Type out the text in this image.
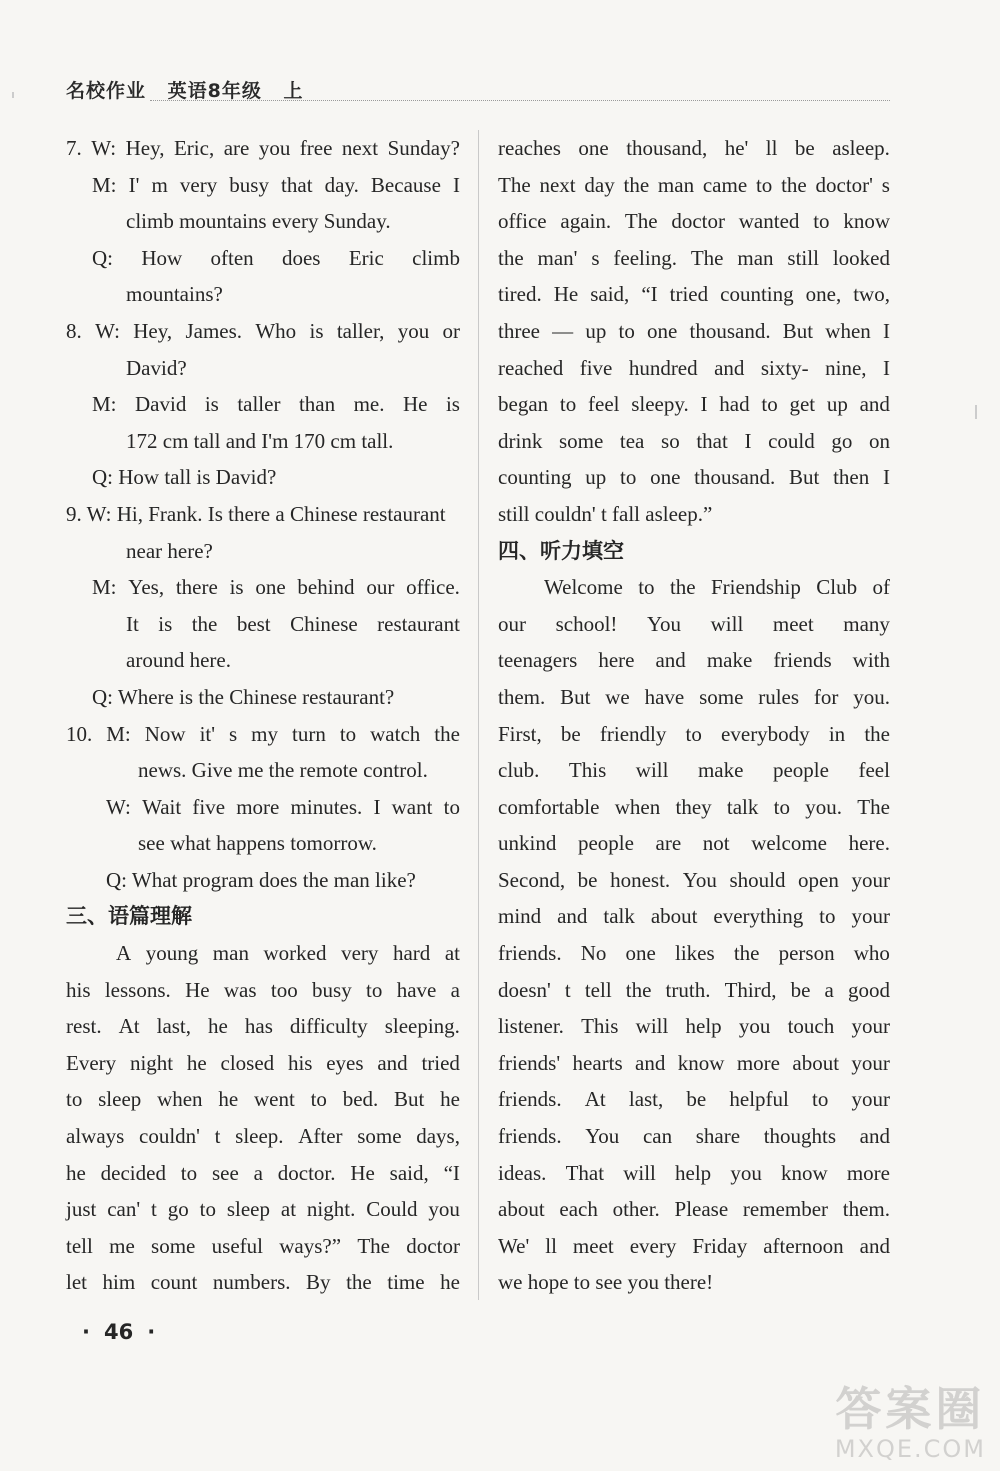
名校作业 英语8年级 上
7. W: Hey, Eric, are you free next Sunday?
M: I' m very busy that day. Because I
climb mountains every Sunday.
Q: How often does Eric climb
mountains?
8. W: Hey, James. Who is taller, you or
David?
M: David is taller than me. He is
172 cm tall and I'm 170 cm tall.
Q: How tall is David?
9. W: Hi, Frank. Is there a Chinese restaurant
near here?
M: Yes, there is one behind our office.
It is the best Chinese restaurant
around here.
Q: Where is the Chinese restaurant?
10. M: Now it' s my turn to watch the
news. Give me the remote control.
W: Wait five more minutes. I want to
see what happens tomorrow.
Q: What program does the man like?
三、语篇理解
A young man worked very hard at
his lessons. He was too busy to have a
rest. At last, he has difficulty sleeping.
Every night he closed his eyes and tried
to sleep when he went to bed. But he
always couldn' t sleep. After some days,
he decided to see a doctor. He said, “I
just can' t go to sleep at night. Could you
tell me some useful ways?” The doctor
let him count numbers. By the time he
reaches one thousand, he' ll be asleep.
The next day the man came to the doctor' s
office again. The doctor wanted to know
the man' s feeling. The man still looked
tired. He said, “I tried counting one, two,
three — up to one thousand. But when I
reached five hundred and sixty- nine, I
began to feel sleepy. I had to get up and
drink some tea so that I could go on
counting up to one thousand. But then I
still couldn' t fall asleep.”
四、听力填空
Welcome to the Friendship Club of
our school! You will meet many
teenagers here and make friends with
them. But we have some rules for you.
First, be friendly to everybody in the
club. This will make people feel
comfortable when they talk to you. The
unkind people are not welcome here.
Second, be honest. You should open your
mind and talk about everything to your
friends. No one likes the person who
doesn' t tell the truth. Third, be a good
listener. This will help you touch your
friends' hearts and know more about your
friends. At last, be helpful to your
friends. You can share thoughts and
ideas. That will help you know more
about each other. Please remember them.
We' ll meet every Friday afternoon and
we hope to see you there!
· 46 ·
答案圈
MXQE.COM
